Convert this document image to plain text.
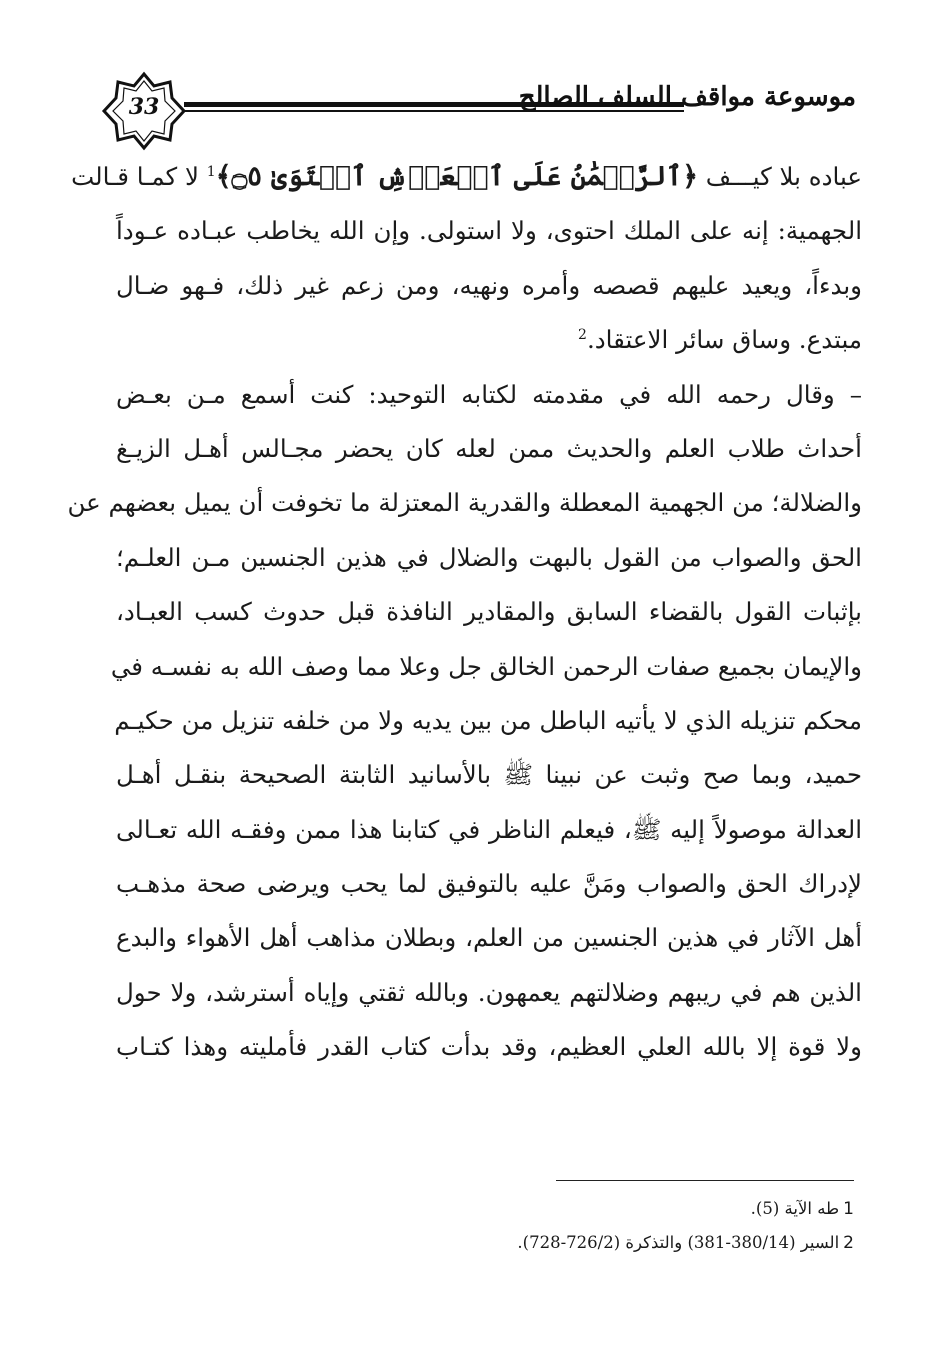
33	موسوعة مواقف السلف الصالح
عباده بلا كيـــف ﴿ٱلرَّحۡمَٰنُ عَلَى ٱلۡعَرۡشِ ٱسۡتَوَىٰ ۝٥﴾$^1$ لا كمـا قـالت
الجهمية: إنه على الملك احتوى، ولا استولى. وإن الله يخاطب عبـاده عـوداً
وبدءاً، ويعيد عليهم قصصه وأمره ونهيه، ومن زعم غير ذلك، فـهو ضـال
مبتدع. وساق سائر الاعتقاد.$^2$
– وقال رحمه الله في مقدمته لكتابه التوحيد: كنت أسمع مـن بعـض
أحداث طلاب العلم والحديث ممن لعله كان يحضر مجـالس أهـل الزيـغ
والضلالة؛ من الجهمية المعطلة والقدرية المعتزلة ما تخوفت أن يميل بعضهم عن
الحق والصواب من القول بالبهت والضلال في هذين الجنسين مـن العلـم؛
بإثبات القول بالقضاء السابق والمقادير النافذة قبل حدوث كسب العبـاد،
والإيمان بجميع صفات الرحمن الخالق جل وعلا مما وصف الله به نفسـه في
محكم تنزيله الذي لا يأتيه الباطل من بين يديه ولا من خلفه تنزيل من حكيـم
حميد، وبما صح وثبت عن نبينا ﷺ بالأسانيد الثابتة الصحيحة بنقـل أهـل
العدالة موصولاً إليه ﷺ، فيعلم الناظر في كتابنا هذا ممن وفقـه الله تعـالى
لإدراك الحق والصواب ومَنَّ عليه بالتوفيق لما يحب ويرضى صحة مذهـب
أهل الآثار في هذين الجنسين من العلم، وبطلان مذاهب أهل الأهواء والبدع
الذين هم في ريبهم وضلالتهم يعمهون. وبالله ثقتي وإياه أسترشد، ولا حول
ولا قوة إلا بالله العلي العظيم، وقد بدأت كتاب القدر فأمليته وهذا كتـاب
1طه الآية (5).
2السير (380/14-381) والتذكرة (726/2-728).
